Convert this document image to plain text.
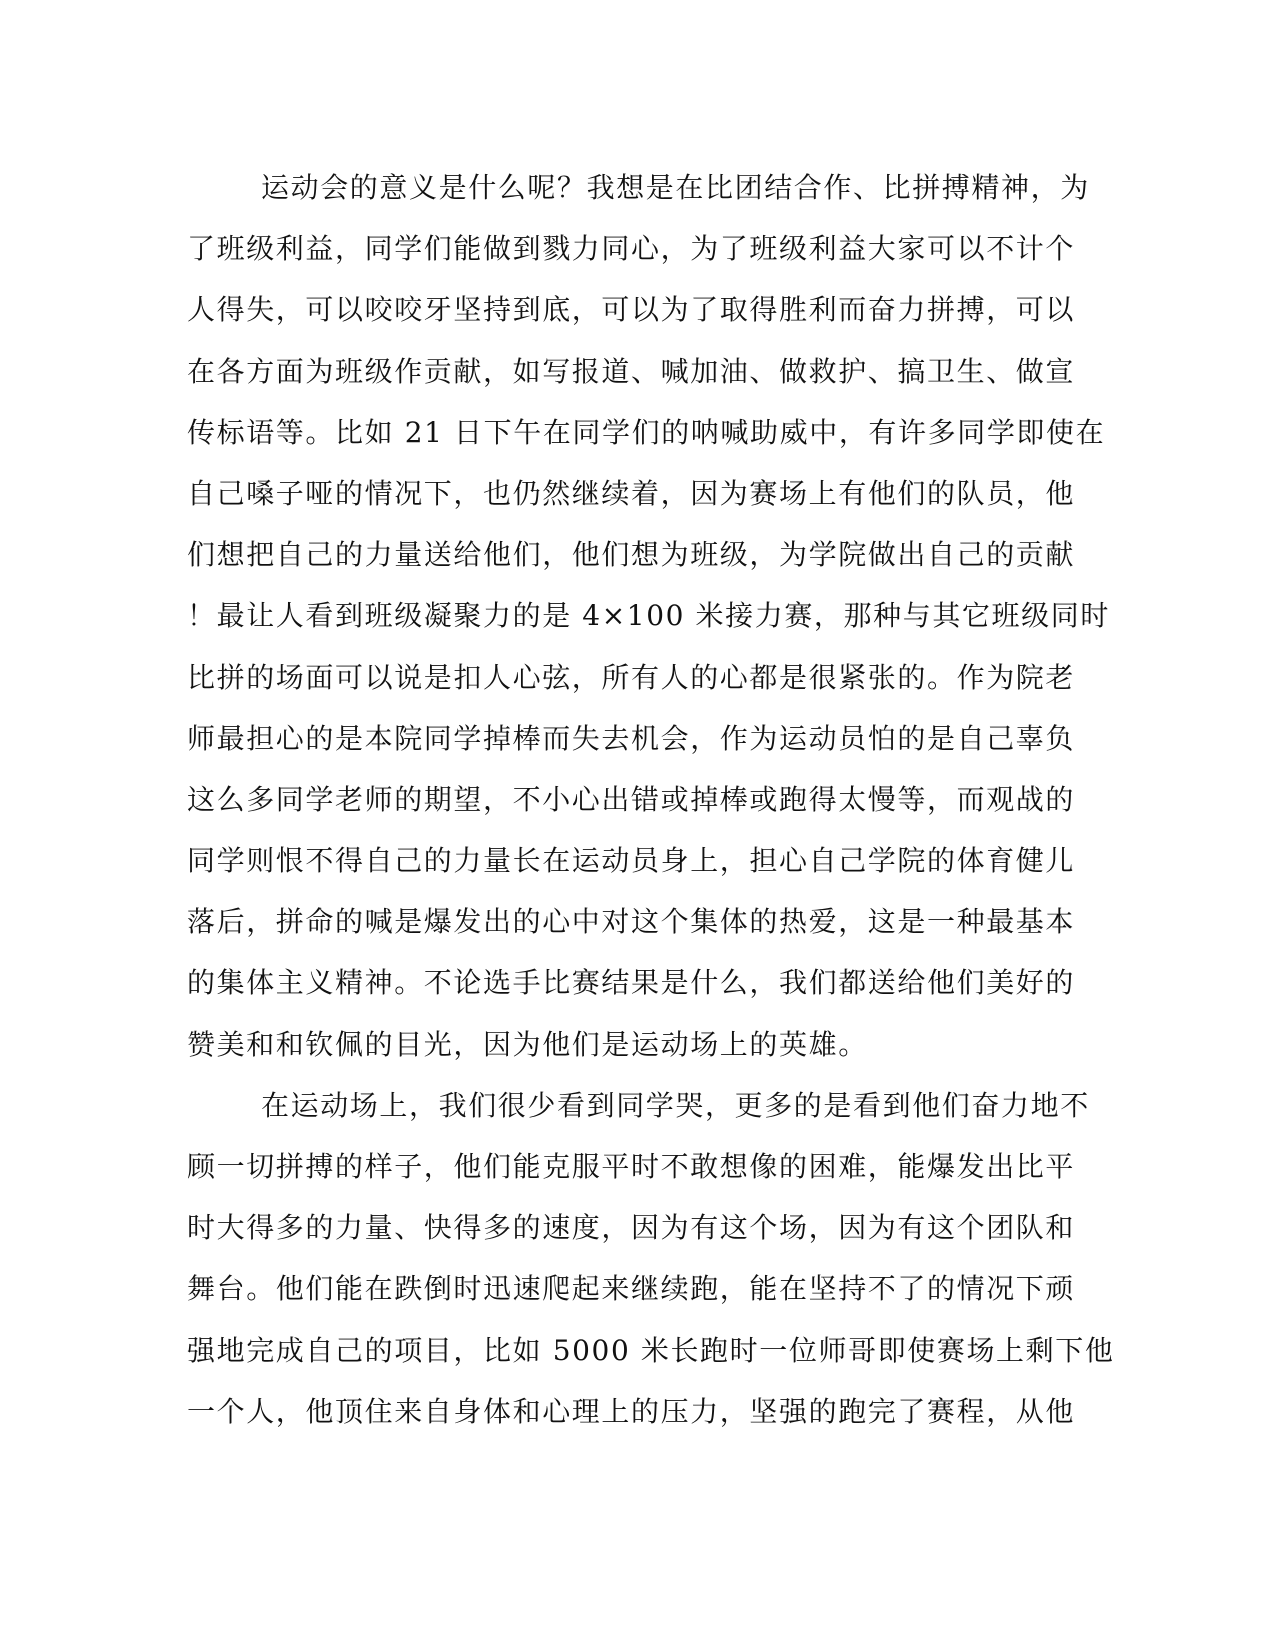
运动会的意义是什么呢？我想是在比团结合作、比拼搏精神，为
了班级利益，同学们能做到戮力同心，为了班级利益大家可以不计个
人得失，可以咬咬牙坚持到底，可以为了取得胜利而奋力拼搏，可以
在各方面为班级作贡献，如写报道、喊加油、做救护、搞卫生、做宣
传标语等。比如 21 日下午在同学们的呐喊助威中，有许多同学即使在
自己嗓子哑的情况下，也仍然继续着，因为赛场上有他们的队员，他
们想把自己的力量送给他们，他们想为班级，为学院做出自己的贡献
！最让人看到班级凝聚力的是 4×100 米接力赛，那种与其它班级同时
比拼的场面可以说是扣人心弦，所有人的心都是很紧张的。作为院老
师最担心的是本院同学掉棒而失去机会，作为运动员怕的是自己辜负
这么多同学老师的期望，不小心出错或掉棒或跑得太慢等，而观战的
同学则恨不得自己的力量长在运动员身上，担心自己学院的体育健儿
落后，拼命的喊是爆发出的心中对这个集体的热爱，这是一种最基本
的集体主义精神。不论选手比赛结果是什么，我们都送给他们美好的
赞美和和钦佩的目光，因为他们是运动场上的英雄。
在运动场上，我们很少看到同学哭，更多的是看到他们奋力地不
顾一切拼搏的样子，他们能克服平时不敢想像的困难，能爆发出比平
时大得多的力量、快得多的速度，因为有这个场，因为有这个团队和
舞台。他们能在跌倒时迅速爬起来继续跑，能在坚持不了的情况下顽
强地完成自己的项目，比如 5000 米长跑时一位师哥即使赛场上剩下他
一个人，他顶住来自身体和心理上的压力，坚强的跑完了赛程，从他
